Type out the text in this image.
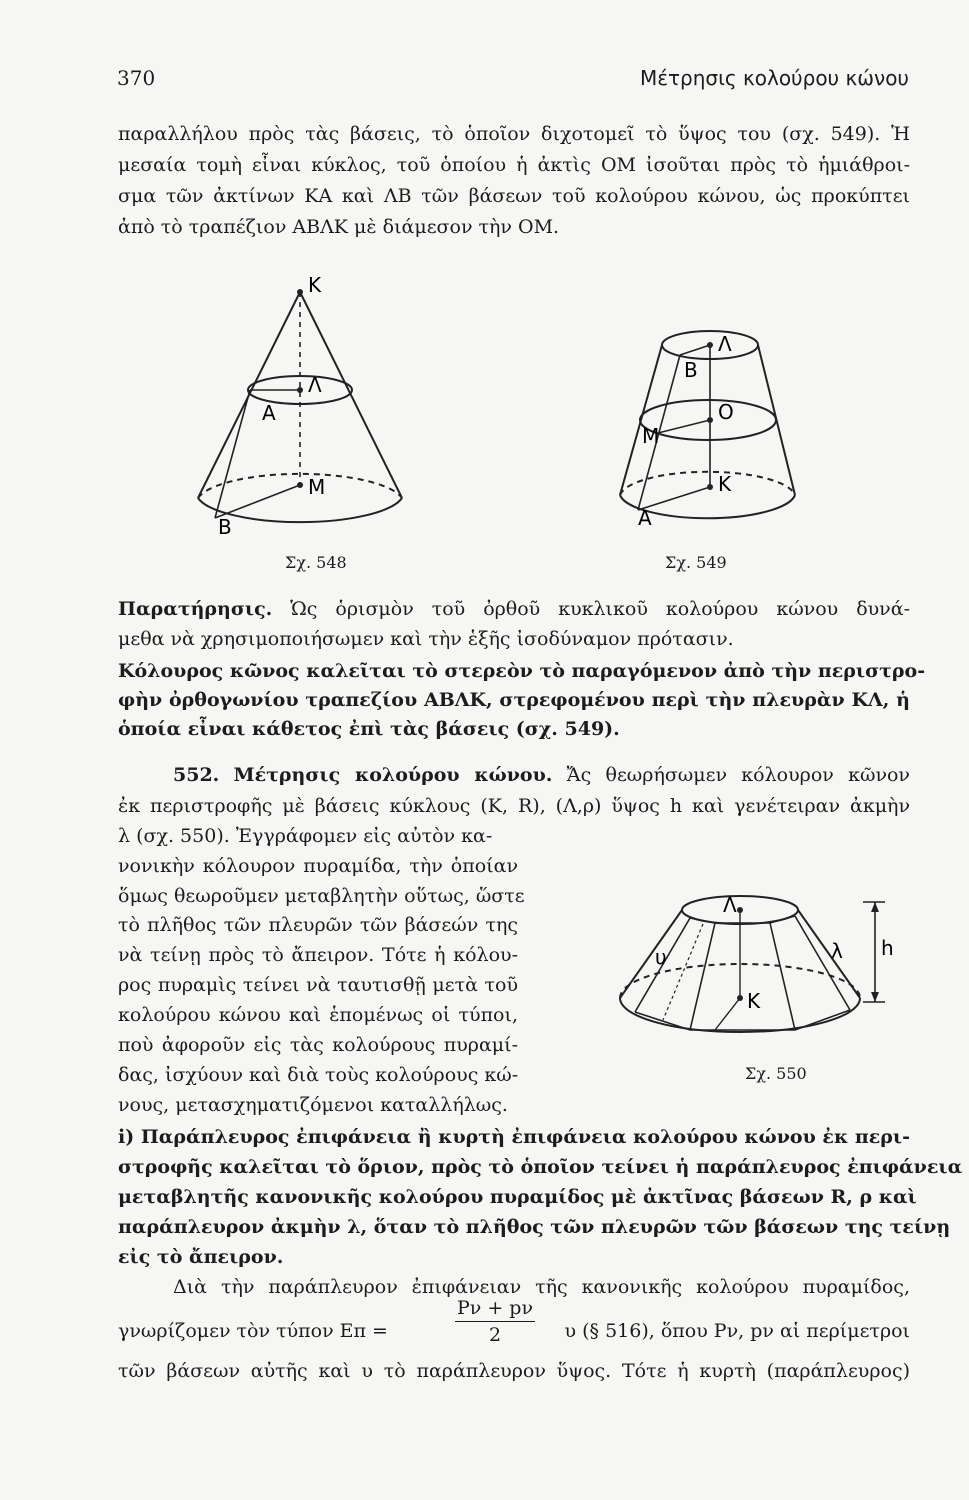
370	Μέτρησις κολούρου κώνου
παραλλήλου πρὸς τὰς βάσεις, τὸ ὁποῖον διχοτομεῖ τὸ ὕψος του (σχ. 549). Ἡ
μεσαία τομὴ εἶναι κύκλος, τοῦ ὁποίου ἡ ἀκτὶς ΟΜ ἰσοῦται πρὸς τὸ ἡμιάθροι-
σμα τῶν ἀκτίνων ΚΑ καὶ ΛΒ τῶν βάσεων τοῦ κολούρου κώνου, ὡς προκύπτει
ἀπὸ τὸ τραπέζιον ΑΒΛΚ μὲ διάμεσον τὴν ΟΜ.
K
Λ
A
M
B
Σχ. 548
Λ
B
O
M
K
A
Σχ. 549
Παρατήρησις. Ὡς ὁρισμὸν τοῦ ὀρθοῦ κυκλικοῦ κολούρου κώνου δυνά-
μεθα νὰ χρησιμοποιήσωμεν καὶ τὴν ἑξῆς ἰσοδύναμον πρότασιν.
Κόλουρος κῶνος καλεῖται τὸ στερεὸν τὸ παραγόμενον ἀπὸ τὴν περιστρο-
φὴν ὀρθογωνίου τραπεζίου ΑΒΛΚ, στρεφομένου περὶ τὴν πλευρὰν ΚΛ, ἡ
ὁποία εἶναι κάθετος ἐπὶ τὰς βάσεις (σχ. 549).
552. Μέτρησις κολούρου κώνου. Ἄς θεωρήσωμεν κόλουρον κῶνον
ἐκ περιστροφῆς μὲ βάσεις κύκλους (Κ, R), (Λ,ρ) ὕψος h καὶ γενέτειραν ἀκμὴν
λ (σχ. 550). Ἐγγράφομεν εἰς αὐτὸν κα-
νονικὴν κόλουρον πυραμίδα, τὴν ὁποίαν
ὅμως θεωροῦμεν μεταβλητὴν οὕτως, ὥστε
τὸ πλῆθος τῶν πλευρῶν τῶν βάσεών της
νὰ τείνῃ πρὸς τὸ ἄπειρον. Τότε ἡ κόλου-
ρος πυραμὶς τείνει νὰ ταυτισθῇ μετὰ τοῦ
κολούρου κώνου καὶ ἑπομένως οἱ τύποι,
ποὺ ἀφοροῦν εἰς τὰς κολούρους πυραμί-
δας, ἰσχύουν καὶ διὰ τοὺς κολούρους κώ-
νους, μετασχηματιζόμενοι καταλλήλως.
Λ
λ h
υ
K
Σχ. 550
i) Παράπλευρος ἐπιφάνεια ἢ κυρτὴ ἐπιφάνεια κολούρου κώνου ἐκ περι-
στροφῆς καλεῖται τὸ ὅριον, πρὸς τὸ ὁποῖον τείνει ἡ παράπλευρος ἐπιφάνεια
μεταβλητῆς κανονικῆς κολούρου πυραμίδος μὲ ἀκτῖνας βάσεων R, ρ καὶ
παράπλευρον ἀκμὴν λ, ὅταν τὸ πλῆθος τῶν πλευρῶν τῶν βάσεων της τείνῃ
εἰς τὸ ἄπειρον.
Διὰ τὴν παράπλευρον ἐπιφάνειαν τῆς κανονικῆς κολούρου πυραμίδος,
γνωρίζομεν τὸν τύπον Eπ =	$\frac{P\nu + p\nu}{2}$	υ (§ 516), ὅπου Pν, pν αἱ περίμετροι
τῶν βάσεων αὐτῆς καὶ υ τὸ παράπλευρον ὕψος. Τότε ἡ κυρτὴ (παράπλευρος)
